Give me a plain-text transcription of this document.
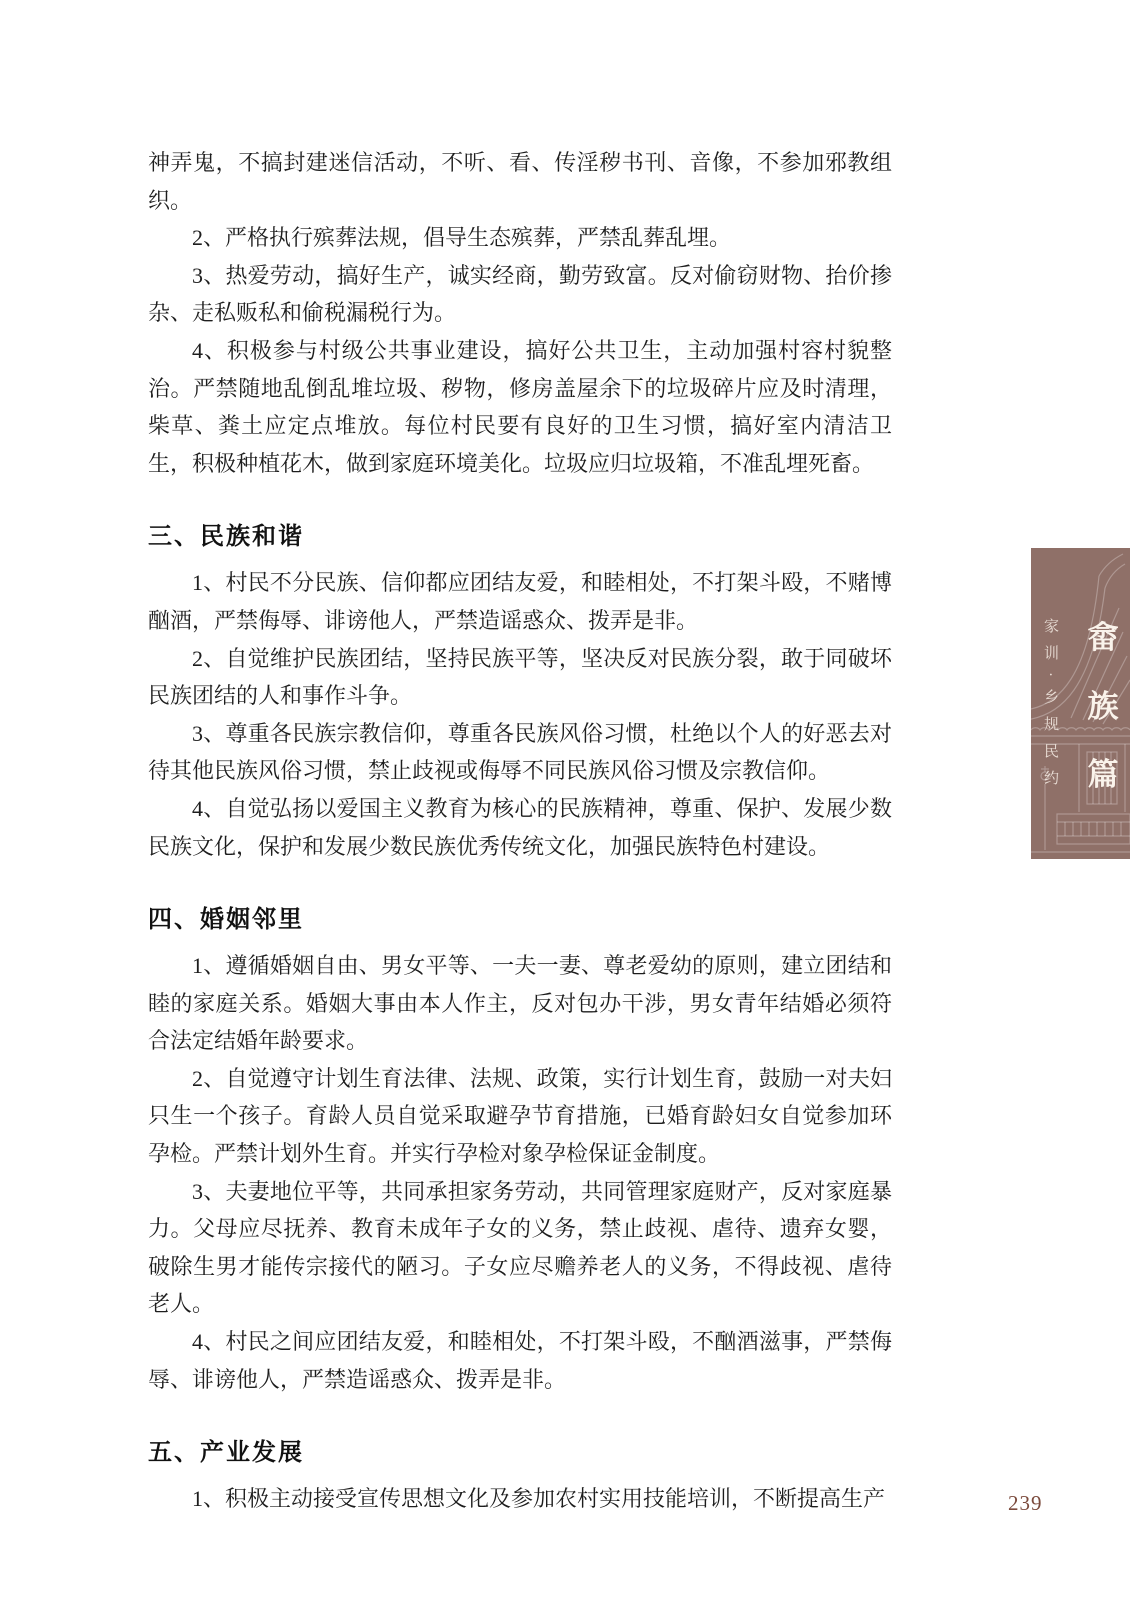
神弄鬼，不搞封建迷信活动，不听、看、传淫秽书刊、音像，不参加邪教组织。

2、严格执行殡葬法规，倡导生态殡葬，严禁乱葬乱埋。

3、热爱劳动，搞好生产，诚实经商，勤劳致富。反对偷窃财物、抬价掺杂、走私贩私和偷税漏税行为。

4、积极参与村级公共事业建设，搞好公共卫生，主动加强村容村貌整治。严禁随地乱倒乱堆垃圾、秽物，修房盖屋余下的垃圾碎片应及时清理，柴草、粪土应定点堆放。每位村民要有良好的卫生习惯，搞好室内清洁卫生，积极种植花木，做到家庭环境美化。垃圾应归垃圾箱，不准乱埋死畜。

三、民族和谐

1、村民不分民族、信仰都应团结友爱，和睦相处，不打架斗殴，不赌博酗酒，严禁侮辱、诽谤他人，严禁造谣惑众、拨弄是非。

2、自觉维护民族团结，坚持民族平等，坚决反对民族分裂，敢于同破坏民族团结的人和事作斗争。

3、尊重各民族宗教信仰，尊重各民族风俗习惯，杜绝以个人的好恶去对待其他民族风俗习惯，禁止歧视或侮辱不同民族风俗习惯及宗教信仰。

4、自觉弘扬以爱国主义教育为核心的民族精神，尊重、保护、发展少数民族文化，保护和发展少数民族优秀传统文化，加强民族特色村建设。

四、婚姻邻里

1、遵循婚姻自由、男女平等、一夫一妻、尊老爱幼的原则，建立团结和睦的家庭关系。婚姻大事由本人作主，反对包办干涉，男女青年结婚必须符合法定结婚年龄要求。

2、自觉遵守计划生育法律、法规、政策，实行计划生育，鼓励一对夫妇只生一个孩子。育龄人员自觉采取避孕节育措施，已婚育龄妇女自觉参加环孕检。严禁计划外生育。并实行孕检对象孕检保证金制度。

3、夫妻地位平等，共同承担家务劳动，共同管理家庭财产，反对家庭暴力。父母应尽抚养、教育未成年子女的义务，禁止歧视、虐待、遗弃女婴，破除生男才能传宗接代的陋习。子女应尽赡养老人的义务，不得歧视、虐待老人。

4、村民之间应团结友爱，和睦相处，不打架斗殴，不酗酒滋事，严禁侮辱、诽谤他人，严禁造谣惑众、拨弄是非。

五、产业发展

1、积极主动接受宣传思想文化及参加农村实用技能培训，不断提高生产

家训·乡规民约 畲
族
篇
239
